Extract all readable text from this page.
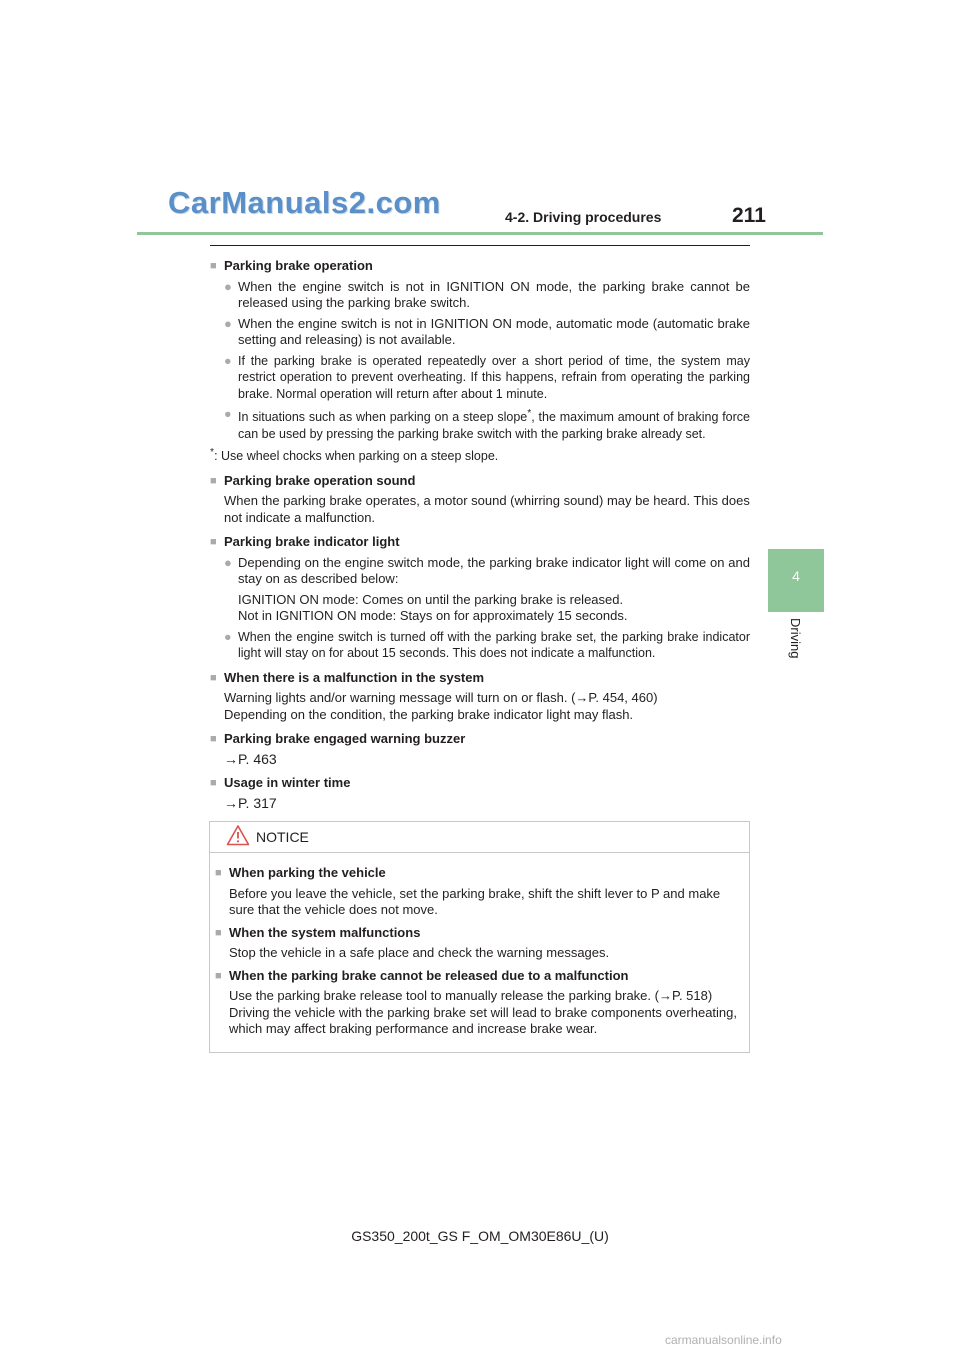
CarManuals2.com	4-2. Driving procedures	211
4
Driving
■ Parking brake operation
● When the engine switch is not in IGNITION ON mode, the parking brake cannot be released using the parking brake switch.
● When the engine switch is not in IGNITION ON mode, automatic mode (automatic brake setting and releasing) is not available.
● If the parking brake is operated repeatedly over a short period of time, the system may restrict operation to prevent overheating. If this happens, refrain from operating the parking brake. Normal operation will return after about 1 minute.
● In situations such as when parking on a steep slope*, the maximum amount of braking force can be used by pressing the parking brake switch with the parking brake already set.
*: Use wheel chocks when parking on a steep slope.
■ Parking brake operation sound
When the parking brake operates, a motor sound (whirring sound) may be heard. This does not indicate a malfunction.
■ Parking brake indicator light
● Depending on the engine switch mode, the parking brake indicator light will come on and stay on as described below:
IGNITION ON mode: Comes on until the parking brake is released.
Not in IGNITION ON mode: Stays on for approximately 15 seconds.
● When the engine switch is turned off with the parking brake set, the parking brake indicator light will stay on for about 15 seconds. This does not indicate a malfunction.
■ When there is a malfunction in the system
Warning lights and/or warning message will turn on or flash. (→P. 454, 460)
Depending on the condition, the parking brake indicator light may flash.
■ Parking brake engaged warning buzzer
→P. 463
■ Usage in winter time
→P. 317
NOTICE
■ When parking the vehicle
Before you leave the vehicle, set the parking brake, shift the shift lever to P and make sure that the vehicle does not move.
■ When the system malfunctions
Stop the vehicle in a safe place and check the warning messages.
■ When the parking brake cannot be released due to a malfunction
Use the parking brake release tool to manually release the parking brake. (→P. 518)
Driving the vehicle with the parking brake set will lead to brake components overheating, which may affect braking performance and increase brake wear.
GS350_200t_GS F_OM_OM30E86U_(U)
carmanualsonline.info
